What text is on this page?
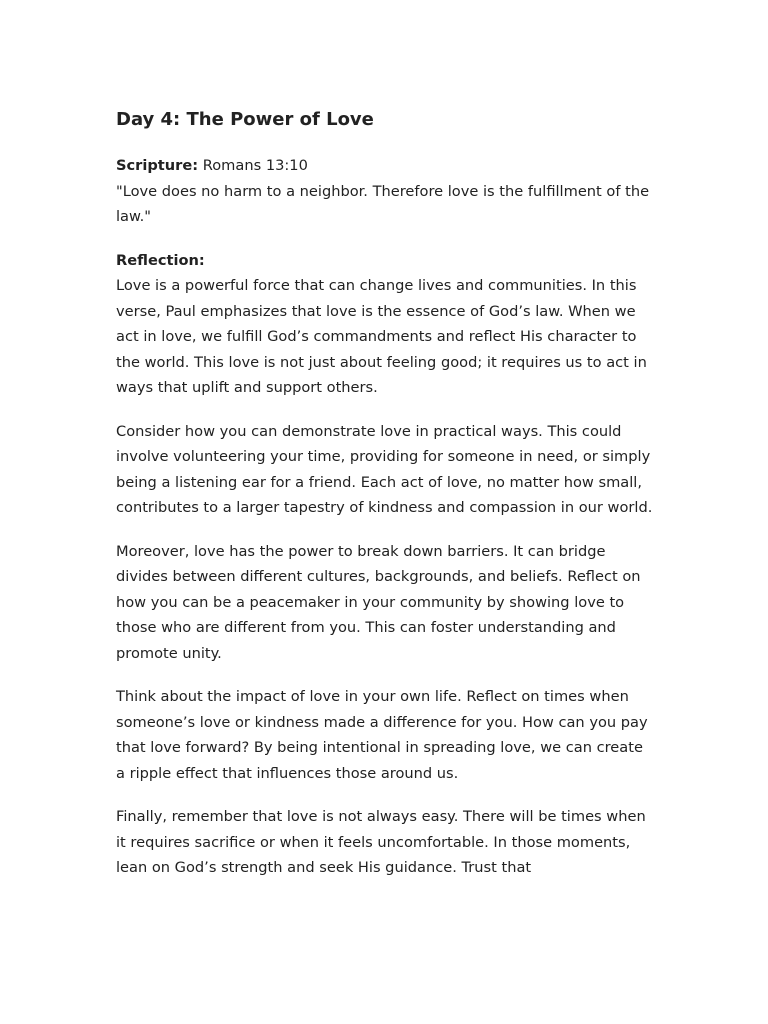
Day 4: The Power of Love
Scripture: Romans 13:10
"Love does no harm to a neighbor. Therefore love is the fulfillment of the law."
Reflection:
Love is a powerful force that can change lives and communities. In this verse, Paul emphasizes that love is the essence of God’s law. When we act in love, we fulfill God’s commandments and reflect His character to the world. This love is not just about feeling good; it requires us to act in ways that uplift and support others.
Consider how you can demonstrate love in practical ways. This could involve volunteering your time, providing for someone in need, or simply being a listening ear for a friend. Each act of love, no matter how small, contributes to a larger tapestry of kindness and compassion in our world.
Moreover, love has the power to break down barriers. It can bridge divides between different cultures, backgrounds, and beliefs. Reflect on how you can be a peacemaker in your community by showing love to those who are different from you. This can foster understanding and promote unity.
Think about the impact of love in your own life. Reflect on times when someone’s love or kindness made a difference for you. How can you pay that love forward? By being intentional in spreading love, we can create a ripple effect that influences those around us.
Finally, remember that love is not always easy. There will be times when it requires sacrifice or when it feels uncomfortable. In those moments, lean on God’s strength and seek His guidance. Trust that
